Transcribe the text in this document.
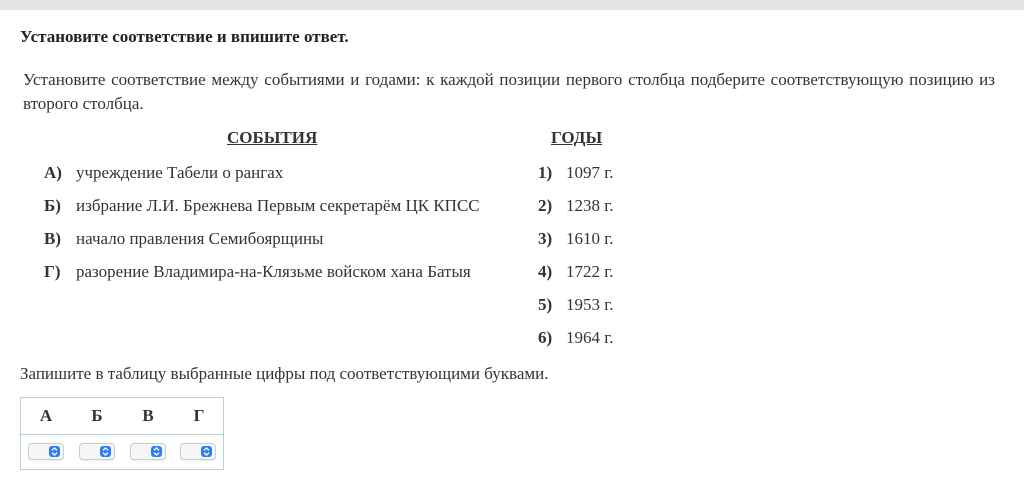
Установите соответствие и впишите ответ.
Установите соответствие между событиями и годами: к каждой позиции первого столбца подберите соответствующую позицию из второго столбца.
СОБЫТИЯ	ГОДЫ
А) учреждение Табели о рангах
Б) избрание Л.И. Брежнева Первым секретарём ЦК КПСС
В) начало правления Семибоярщины
Г) разорение Владимира-на-Клязьме войском хана Батыя
1) 1097 г.
2) 1238 г.
3) 1610 г.
4) 1722 г.
5) 1953 г.
6) 1964 г.
Запишите в таблицу выбранные цифры под соответствующими буквами.
А	Б	В	Г
